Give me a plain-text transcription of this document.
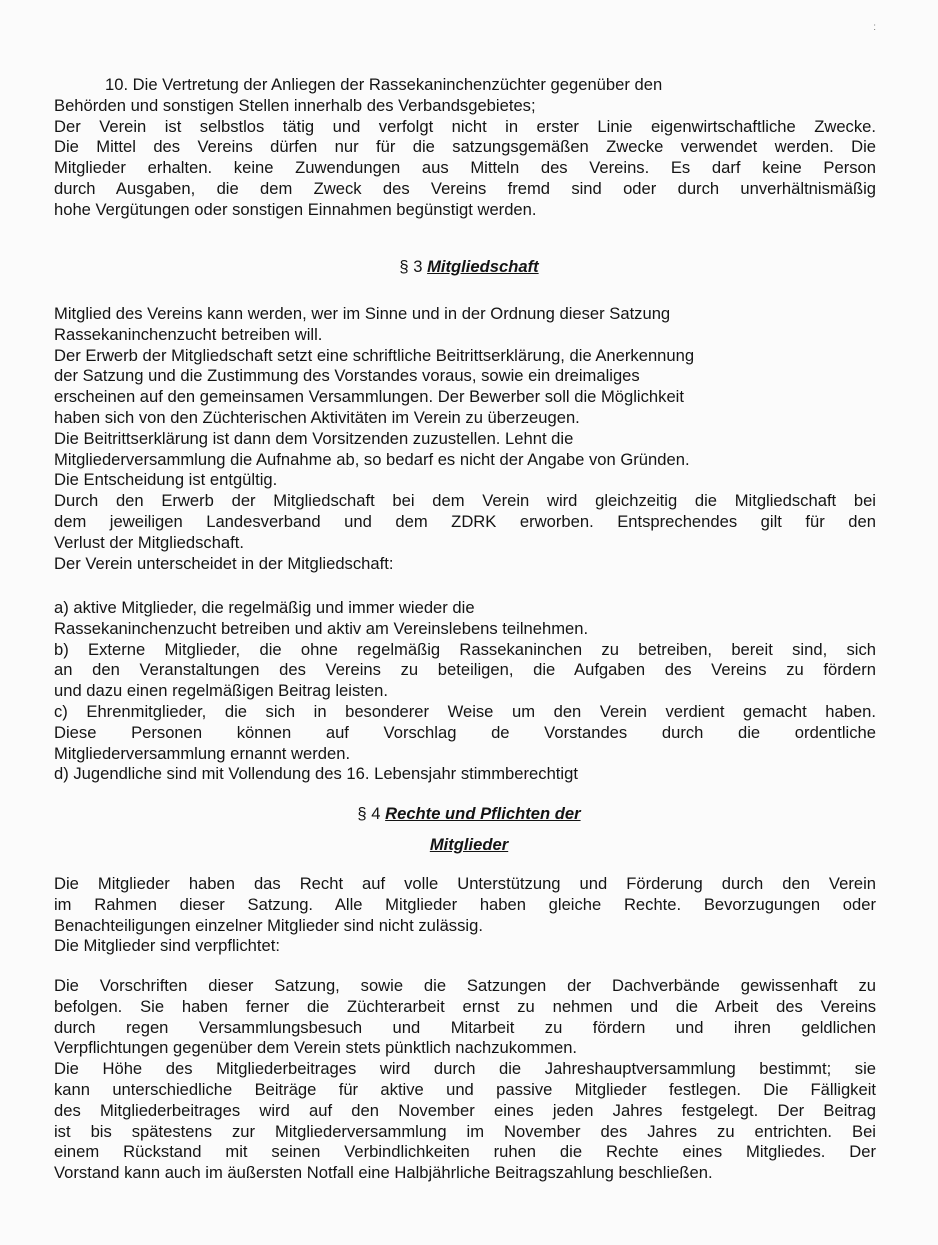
:

10. Die Vertretung der Anliegen der Rassekaninchenzüchter gegenüber den

Behörden und sonstigen Stellen innerhalb des Verbandsgebietes;

Der Verein ist selbstlos tätig und verfolgt nicht in erster Linie eigenwirtschaftliche Zwecke.

Die Mittel des Vereins dürfen nur für die satzungsgemäßen Zwecke verwendet werden. Die

Mitglieder erhalten. keine Zuwendungen aus Mitteln des Vereins. Es darf keine Person

durch Ausgaben, die dem Zweck des Vereins fremd sind oder durch unverhältnismäßig

hohe Vergütungen oder sonstigen Einnahmen begünstigt werden.

§ 3 Mitgliedschaft

Mitglied des Vereins kann werden, wer im Sinne und in der Ordnung dieser Satzung

Rassekaninchenzucht betreiben will.

Der Erwerb der Mitgliedschaft setzt eine schriftliche Beitrittserklärung, die Anerkennung

der Satzung und die Zustimmung des Vorstandes voraus, sowie ein dreimaliges

erscheinen auf den gemeinsamen Versammlungen. Der Bewerber soll die Möglichkeit

haben sich von den Züchterischen Aktivitäten im Verein zu überzeugen.

Die Beitrittserklärung ist dann dem Vorsitzenden zuzustellen. Lehnt die

Mitgliederversammlung die Aufnahme ab, so bedarf es nicht der Angabe von Gründen.

Die Entscheidung ist entgültig.

Durch den Erwerb der Mitgliedschaft bei dem Verein wird gleichzeitig die Mitgliedschaft bei

dem jeweiligen Landesverband und dem ZDRK erworben. Entsprechendes gilt für den

Verlust der Mitgliedschaft.

Der Verein unterscheidet in der Mitgliedschaft:

a) aktive Mitglieder, die regelmäßig und immer wieder die

Rassekaninchenzucht betreiben und aktiv am Vereinslebens teilnehmen.

b) Externe Mitglieder, die ohne regelmäßig Rassekaninchen zu betreiben, bereit sind, sich

an den Veranstaltungen des Vereins zu beteiligen, die Aufgaben des Vereins zu fördern

und dazu einen regelmäßigen Beitrag leisten.

c) Ehrenmitglieder, die sich in besonderer Weise um den Verein verdient gemacht haben.

Diese Personen können auf Vorschlag de Vorstandes durch die ordentliche

Mitgliederversammlung ernannt werden.

d) Jugendliche sind mit Vollendung des 16. Lebensjahr stimmberechtigt

§ 4 Rechte und Pflichten der
Mitglieder

Die Mitglieder haben das Recht auf volle Unterstützung und Förderung durch den Verein

im Rahmen dieser Satzung. Alle Mitglieder haben gleiche Rechte. Bevorzugungen oder

Benachteiligungen einzelner Mitglieder sind nicht zulässig.

Die Mitglieder sind verpflichtet:

Die Vorschriften dieser Satzung, sowie die Satzungen der Dachverbände gewissenhaft zu

befolgen. Sie haben ferner die Züchterarbeit ernst zu nehmen und die Arbeit des Vereins

durch regen Versammlungsbesuch und Mitarbeit zu fördern und ihren geldlichen

Verpflichtungen gegenüber dem Verein stets pünktlich nachzukommen.

Die Höhe des Mitgliederbeitrages wird durch die Jahreshauptversammlung bestimmt; sie

kann unterschiedliche Beiträge für aktive und passive Mitglieder festlegen. Die Fälligkeit

des Mitgliederbeitrages wird auf den November eines jeden Jahres festgelegt. Der Beitrag

ist bis spätestens zur Mitgliederversammlung im November des Jahres zu entrichten. Bei

einem Rückstand mit seinen Verbindlichkeiten ruhen die Rechte eines Mitgliedes. Der

Vorstand kann auch im äußersten Notfall eine Halbjährliche Beitragszahlung beschließen.
